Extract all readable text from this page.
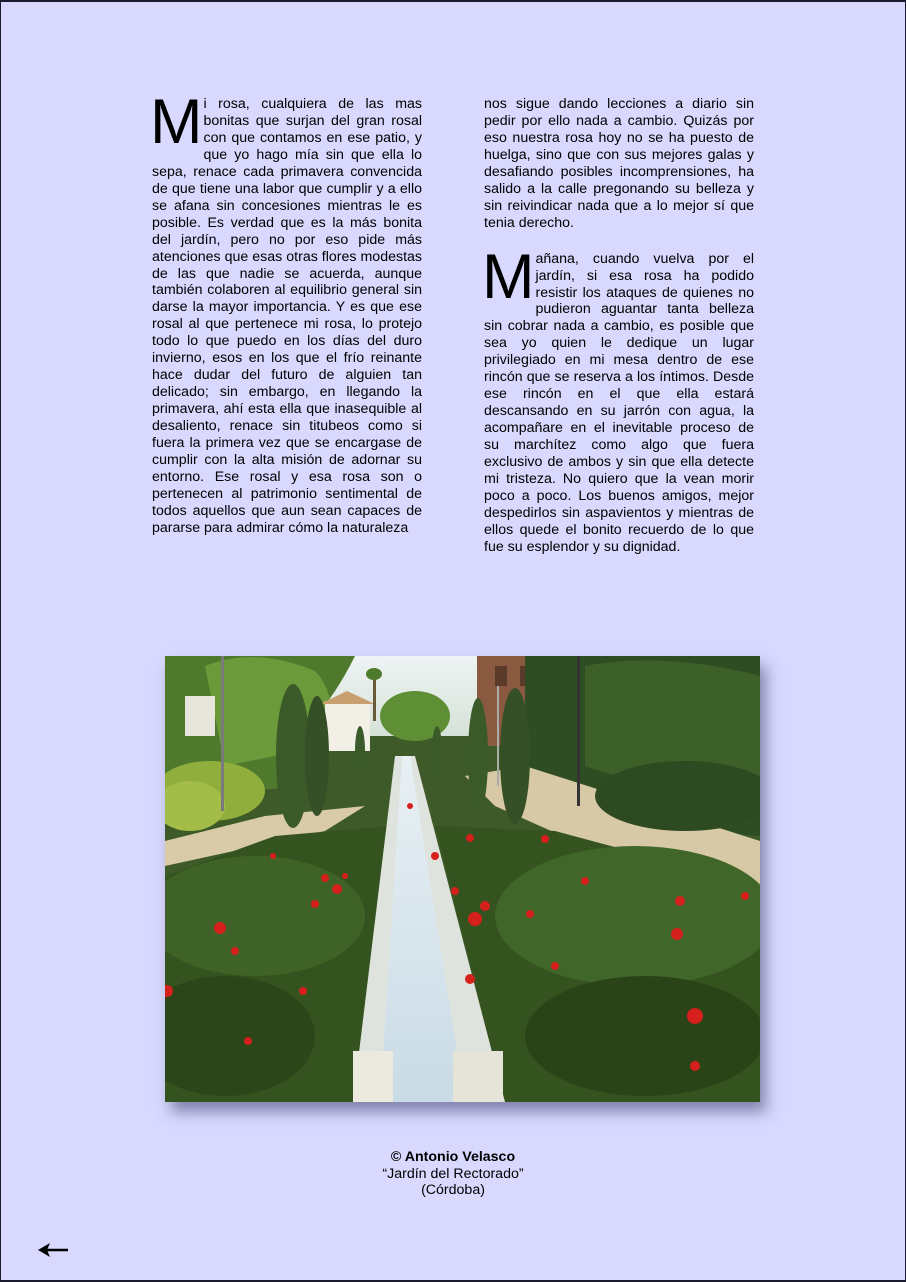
Mi rosa, cualquiera de las mas bonitas que surjan del gran rosal con que contamos en ese patio, y que yo hago mía sin que ella lo sepa, renace cada primavera convencida de que tiene una labor que cumplir y a ello se afana sin concesiones mientras le es posible. Es verdad que es la más bonita del jardín, pero no por eso pide más atenciones que esas otras flores modestas de las que nadie se acuerda, aunque también colaboren al equilibrio general sin darse la mayor importancia. Y es que ese rosal al que pertenece mi rosa, lo protejo todo lo que puedo en los días del duro invierno, esos en los que el frío reinante hace dudar del futuro de alguien tan delicado; sin embargo, en llegando la primavera, ahí esta ella que inasequible al desaliento, renace sin titubeos como si fuera la primera vez que se encargase de cumplir con la alta misión de adornar su entorno. Ese rosal y esa rosa son o pertenecen al patrimonio sentimental de todos aquellos que aun sean capaces de pararse para admirar cómo la naturaleza

nos sigue dando lecciones a diario sin pedir por ello nada a cambio. Quizás por eso nuestra rosa hoy no se ha puesto de huelga, sino que con sus mejores galas y desafiando posibles incomprensiones, ha salido a la calle pregonando su belleza y sin reivindicar nada que a lo mejor sí que tenia derecho.

Mañana, cuando vuelva por el jardín, si esa rosa ha podido resistir los ataques de quienes no pudieron aguantar tanta belleza sin cobrar nada a cambio, es posible que sea yo quien le dedique un lugar privilegiado en mi mesa dentro de ese rincón que se reserva a los íntimos. Desde ese rincón en el que ella estará descansando en su jarrón con agua, la acompañare en el inevitable proceso de su marchítez como algo que fuera exclusivo de ambos y sin que ella detecte mi tristeza. No quiero que la vean morir poco a poco. Los buenos amigos, mejor despedirlos sin aspavientos y mientras de ellos quede el bonito recuerdo de lo que fue su esplendor y su dignidad.

© Antonio Velasco
“Jardín del Rectorado”
(Córdoba)
